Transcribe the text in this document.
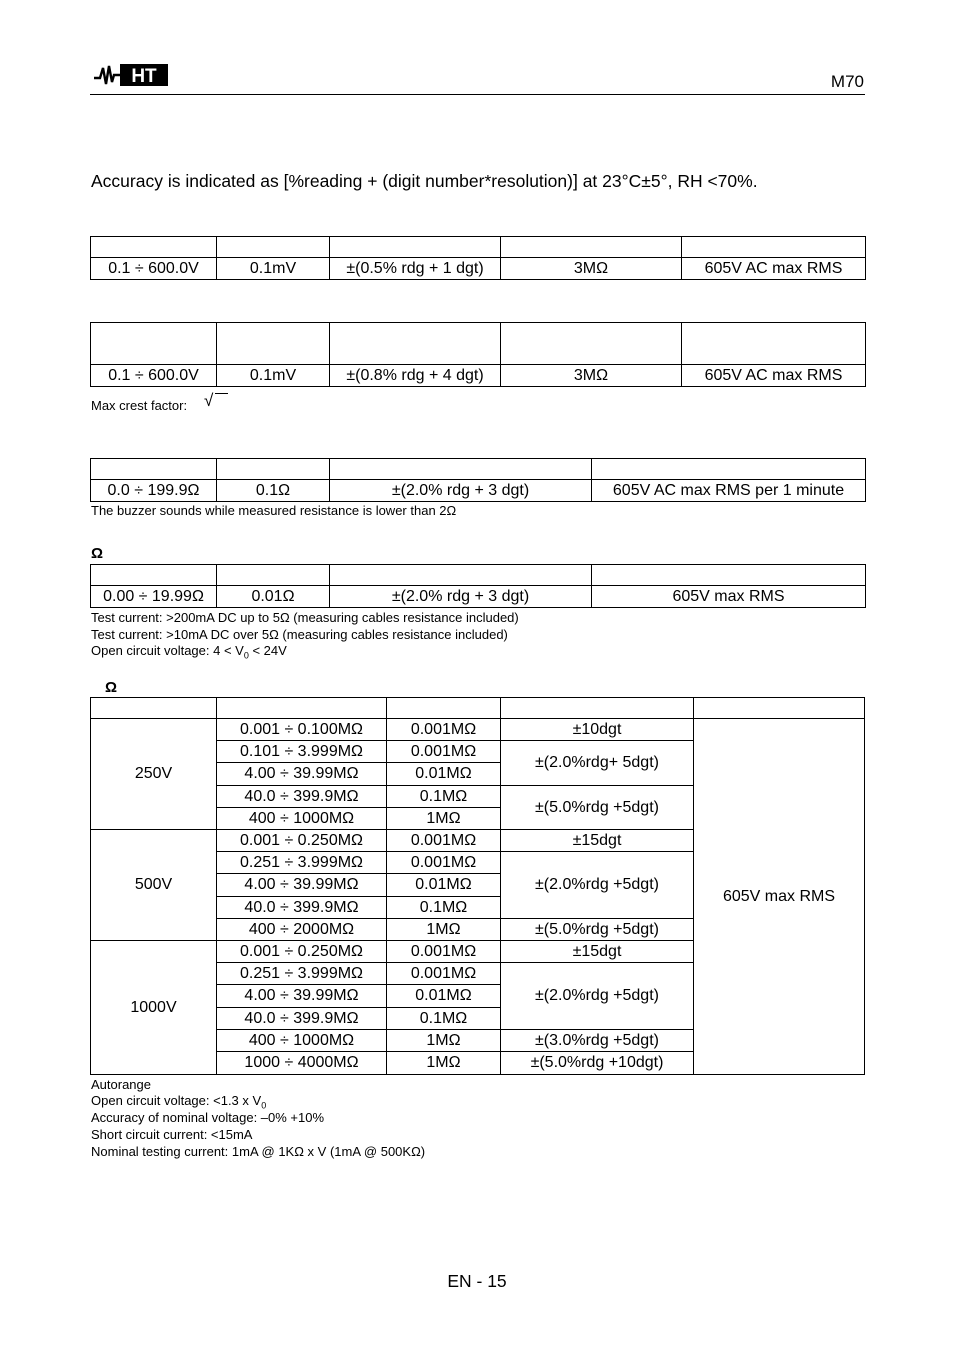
HT	M70
Accuracy is indicated as [%reading + (digit number*resolution)] at 23°C±5°, RH <70%.

0.1 ÷ 600.0V	0.1mV	±(0.5% rdg + 1 dgt)	3MΩ	605V AC max RMS

0.1 ÷ 600.0V	0.1mV	±(0.8% rdg + 4 dgt)	3MΩ	605V AC max RMS
Max crest factor: √

0.0 ÷ 199.9Ω	0.1Ω	±(2.0% rdg + 3 dgt)	605V AC max RMS per 1 minute
The buzzer sounds while measured resistance is lower than 2Ω
Ω

0.00 ÷ 19.99Ω	0.01Ω	±(2.0% rdg + 3 dgt)	605V max RMS
Test current: >200mA DC up to 5Ω (measuring cables resistance included)
Test current: >10mA DC over 5Ω (measuring cables resistance included)
Open circuit voltage: $4 < V_0 < 24V$
Ω

250V	0.001 ÷ 0.100MΩ	0.001MΩ	±10dgt	605V max RMS
	0.101 ÷ 3.999MΩ	0.001MΩ	±(2.0%rdg+ 5dgt)	
	4.00 ÷ 39.99MΩ	0.01MΩ		
	40.0 ÷ 399.9MΩ	0.1MΩ	±(5.0%rdg +5dgt)	
	400 ÷ 1000MΩ	1MΩ		
500V	0.001 ÷ 0.250MΩ	0.001MΩ	±15dgt	
	0.251 ÷ 3.999MΩ	0.001MΩ	±(2.0%rdg +5dgt)	
	4.00 ÷ 39.99MΩ	0.01MΩ		
	40.0 ÷ 399.9MΩ	0.1MΩ		
	400 ÷ 2000MΩ	1MΩ	±(5.0%rdg +5dgt)	
1000V	0.001 ÷ 0.250MΩ	0.001MΩ	±15dgt	
	0.251 ÷ 3.999MΩ	0.001MΩ	±(2.0%rdg +5dgt)	
	4.00 ÷ 39.99MΩ	0.01MΩ		
	40.0 ÷ 399.9MΩ	0.1MΩ		
	400 ÷ 1000MΩ	1MΩ	±(3.0%rdg +5dgt)	
	1000 ÷ 4000MΩ	1MΩ	±(5.0%rdg +10dgt)	
Autorange
Open circuit voltage: <1.3 x $V_0$
Accuracy of nominal voltage: –0% +10%
Short circuit current: <15mA
Nominal testing current: 1mA @ 1KΩ x V (1mA @ 500KΩ)
EN - 15
